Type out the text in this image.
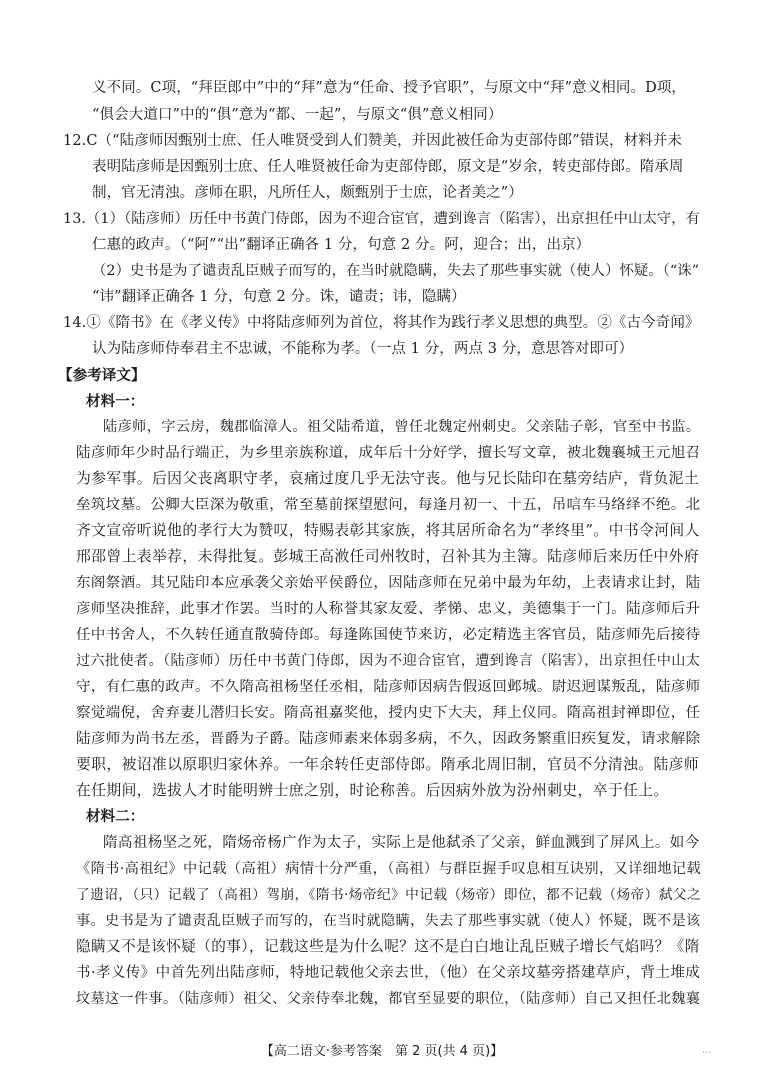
义不同。C项，“拜臣郎中”中的“拜”意为“任命、授予官职”，与原文中“拜”意义相同。D项，
“俱会大道口”中的“俱”意为“都、一起”，与原文“俱”意义相同）
12.C（“陆彦师因甄别士庶、任人唯贤受到人们赞美，并因此被任命为吏部侍郎”错误，材料并未
表明陆彦师是因甄别士庶、任人唯贤被任命为吏部侍郎，原文是“岁余，转吏部侍郎。隋承周
制，官无清浊。彦师在职，凡所任人，颇甄别于士庶，论者美之”）
13.（1）（陆彦师）历任中书黄门侍郎，因为不迎合宦官，遭到谗言（陷害），出京担任中山太守，有
仁惠的政声。（“阿”“出”翻译正确各 1 分，句意 2 分。阿，迎合；出，出京）
（2）史书是为了谴责乱臣贼子而写的，在当时就隐瞒，失去了那些事实就（使人）怀疑。（“诛”
“讳”翻译正确各 1 分，句意 2 分。诛，谴责；讳，隐瞒）
14.①《隋书》在《孝义传》中将陆彦师列为首位，将其作为践行孝义思想的典型。②《古今奇闻》
认为陆彦师侍奉君主不忠诚，不能称为孝。（一点 1 分，两点 3 分，意思答对即可）
【参考译文】
材料一：
陆彦师，字云房，魏郡临漳人。祖父陆希道，曾任北魏定州刺史。父亲陆子彰，官至中书监。
陆彦师年少时品行端正，为乡里亲族称道，成年后十分好学，擅长写文章，被北魏襄城王元旭召
为参军事。后因父丧离职守孝，哀痛过度几乎无法守丧。他与兄长陆印在墓旁结庐，背负泥土
垒筑坟墓。公卿大臣深为敬重，常至墓前探望慰问，每逢月初一、十五，吊唁车马络绎不绝。北
齐文宣帝听说他的孝行大为赞叹，特赐表彰其家族，将其居所命名为“孝终里”。中书令河间人
邢邵曾上表举荐，未得批复。彭城王高浟任司州牧时，召补其为主簿。陆彦师后来历任中外府
东阁祭酒。其兄陆印本应承袭父亲始平侯爵位，因陆彦师在兄弟中最为年幼，上表请求让封，陆
彦师坚决推辞，此事才作罢。当时的人称誉其家友爱、孝悌、忠义，美德集于一门。陆彦师后升
任中书舍人，不久转任通直散骑侍郎。每逢陈国使节来访，必定精选主客官员，陆彦师先后接待
过六批使者。（陆彦师）历任中书黄门侍郎，因为不迎合宦官，遭到谗言（陷害），出京担任中山太
守，有仁惠的政声。不久隋高祖杨坚任丞相，陆彦师因病告假返回邺城。尉迟迥谋叛乱，陆彦师
察觉端倪，舍弃妻儿潜归长安。隋高祖嘉奖他，授内史下大夫，拜上仪同。隋高祖封禅即位，任
陆彦师为尚书左丞，晋爵为子爵。陆彦师素来体弱多病，不久，因政务繁重旧疾复发，请求解除
要职，被诏准以原职归家休养。一年余转任吏部侍郎。隋承北周旧制，官员不分清浊。陆彦师
在任期间，选拔人才时能明辨士庶之别，时论称善。后因病外放为汾州刺史，卒于任上。
材料二：
隋高祖杨坚之死，隋炀帝杨广作为太子，实际上是他弑杀了父亲，鲜血溅到了屏风上。如今
《隋书·高祖纪》中记载（高祖）病情十分严重，（高祖）与群臣握手叹息相互诀别，又详细地记载
了遗诏，（只）记载了（高祖）驾崩，《隋书·炀帝纪》中记载（炀帝）即位，都不记载（炀帝）弑父之
事。史书是为了谴责乱臣贼子而写的，在当时就隐瞒，失去了那些事实就（使人）怀疑，既不是该
隐瞒又不是该怀疑（的事），记载这些是为什么呢？这不是白白地让乱臣贼子增长气焰吗？《隋
书·孝义传》中首先列出陆彦师，特地记载他父亲去世，（他）在父亲坟墓旁搭建草庐，背土堆成
坟墓这一件事。（陆彦师）祖父、父亲侍奉北魏，都官至显要的职位，（陆彦师）自己又担任北魏襄
【高二语文·参考答案　第 2 页(共 4 页)】	...
